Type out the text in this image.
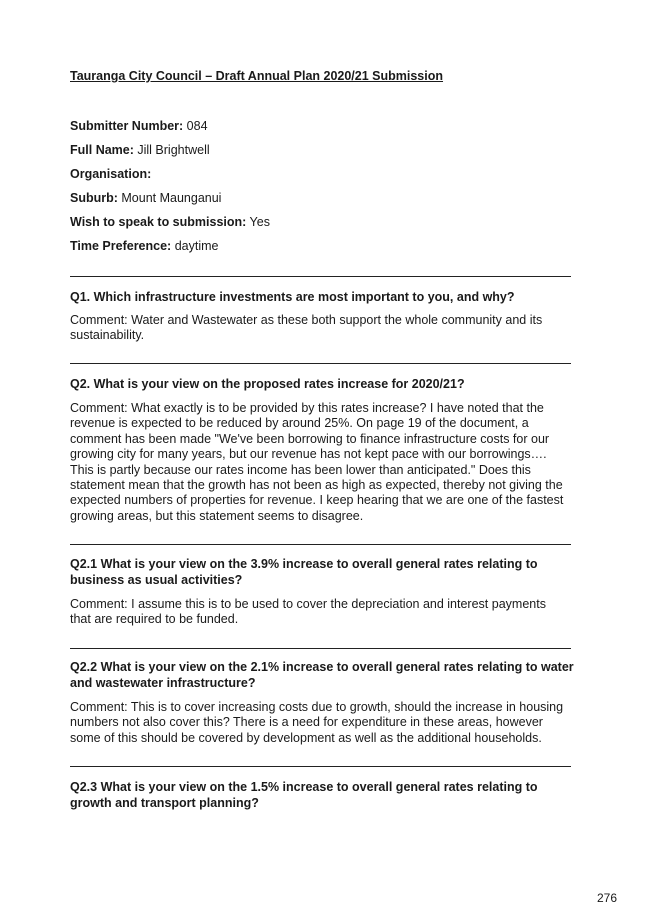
Tauranga City Council – Draft Annual Plan 2020/21 Submission
Submitter Number: 084
Full Name: Jill Brightwell
Organisation:
Suburb: Mount Maunganui
Wish to speak to submission: Yes
Time Preference: daytime
Q1. Which infrastructure investments are most important to you, and why?
Comment: Water and Wastewater as these both support the whole community and its sustainability.
Q2. What is your view on the proposed rates increase for 2020/21?
Comment: What exactly is to be provided by this rates increase? I have noted that the revenue is expected to be reduced by around 25%. On page 19 of the document, a comment has been made "We've been borrowing to finance infrastructure costs for our growing city for many years, but our revenue has not kept pace with our borrowings…. This is partly because our rates income has been lower than anticipated." Does this statement mean that the growth has not been as high as expected, thereby not giving the expected numbers of properties for revenue. I keep hearing that we are one of the fastest growing areas, but this statement seems to disagree.
Q2.1 What is your view on the 3.9% increase to overall general rates relating to business as usual activities?
Comment: I assume this is to be used to cover the depreciation and interest payments that are required to be funded.
Q2.2 What is your view on the 2.1% increase to overall general rates relating to water and wastewater infrastructure?
Comment: This is to cover increasing costs due to growth, should the increase in housing numbers not also cover this? There is a need for expenditure in these areas, however some of this should be covered by development as well as the additional households.
Q2.3 What is your view on the 1.5% increase to overall general rates relating to growth and transport planning?
276
